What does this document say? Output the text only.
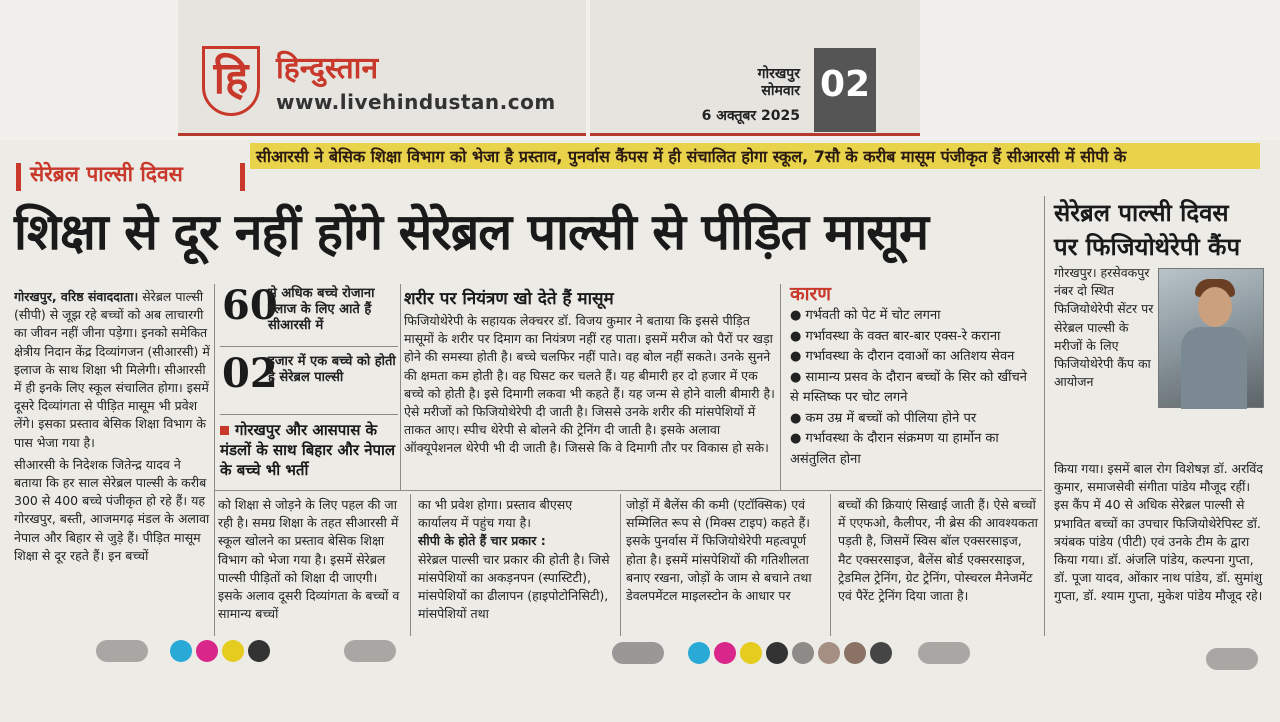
हि हिन्दुस्तान
www.livehindustan.com
गोरखपुर
सोमवार
6 अक्तूबर 2025
02
सेरेब्रल पाल्सी दिवस
सीआरसी ने बेसिक शिक्षा विभाग को भेजा है प्रस्ताव, पुनर्वास कैंपस में ही संचालित होगा स्कूल, 7सौ के करीब मासूम पंजीकृत हैं सीआरसी में सीपी के
शिक्षा से दूर नहीं होंगे सेरेब्रल पाल्सी से पीड़ित मासूम	सेरेब्रल पाल्सी दिवस
पर फिजियोथेरेपी कैंप
गोरखपुर, वरिष्ठ संवाददाता। सेरेब्रल पाल्सी (सीपी) से जूझ रहे बच्चों को अब लाचारगी का जीवन नहीं जीना पड़ेगा। इनको समेकित क्षेत्रीय निदान केंद्र दिव्यांगजन (सीआरसी) में इलाज के साथ शिक्षा भी मिलेगी। सीआरसी में ही इनके लिए स्कूल संचालित होगा। इसमें दूसरे दिव्यांगता से पीड़ित मासूम भी प्रवेश लेंगे। इसका प्रस्ताव बेसिक शिक्षा विभाग के पास भेजा गया है।
सीआरसी के निदेशक जितेन्द्र यादव ने बताया कि हर साल सेरेब्रल पाल्सी के करीब 300 से 400 बच्चे पंजीकृत हो रहे हैं। यह गोरखपुर, बस्ती, आजमगढ़ मंडल के अलावा नेपाल और बिहार से जुड़े हैं। पीड़ित मासूम शिक्षा से दूर रहते हैं। इन बच्चों
60
से अधिक बच्चे रोजाना इलाज के लिए आते हैं सीआरसी में
02
हजार में एक बच्चे को होती है सेरेब्रल पाल्सी
गोरखपुर और आसपास के मंडलों के साथ बिहार और नेपाल के बच्चे भी भर्ती
शरीर पर नियंत्रण खो देते हैं मासूम
फिजियोथेरेपी के सहायक लेक्चरर डॉ. विजय कुमार ने बताया कि इससे पीड़ित मासूमों के शरीर पर दिमाग का नियंत्रण नहीं रह पाता। इसमें मरीज को पैरों पर खड़ा होने की समस्या होती है। बच्चे चलफिर नहीं पाते। वह बोल नहीं सकते। उनके सुनने की क्षमता कम होती है। वह घिसट कर चलते हैं। यह बीमारी हर दो हजार में एक बच्चे को होती है। इसे दिमागी लकवा भी कहते हैं। यह जन्म से होने वाली बीमारी है। ऐसे मरीजों को फिजियोथेरेपी दी जाती है। जिससे उनके शरीर की मांसपेशियों में ताकत आए। स्पीच थेरेपी से बोलने की ट्रेनिंग दी जाती है। इसके अलावा ऑक्यूपेशनल थेरेपी भी दी जाती है। जिससे कि वे दिमागी तौर पर विकास हो सके।
कारण
● गर्भवती को पेट में चोट लगना
● गर्भावस्था के वक्त बार-बार एक्स-रे कराना
● गर्भावस्था के दौरान दवाओं का अतिशय सेवन
● सामान्य प्रसव के दौरान बच्चों के सिर को खींचने से मस्तिष्क पर चोट लगने
● कम उम्र में बच्चों को पीलिया होने पर
● गर्भावस्था के दौरान संक्रमण या हार्मोन का असंतुलित होना
को शिक्षा से जोड़ने के लिए पहल की जा रही है। समग्र शिक्षा के तहत सीआरसी में स्कूल खोलने का प्रस्ताव बेसिक शिक्षा विभाग को भेजा गया है। इसमें सेरेब्रल पाल्सी पीड़ितों को शिक्षा दी जाएगी। इसके अलाव दूसरी दिव्यांगता के बच्चों व सामान्य बच्चों
का भी प्रवेश होगा। प्रस्ताव बीएसए कार्यालय में पहुंच गया है।
सीपी के होते हैं चार प्रकार :
सेरेब्रल पाल्सी चार प्रकार की होती है। जिसे मांसपेशियों का अकड़नपन (स्पास्टिटी), मांसपेशियों का ढीलापन (हाइपोटोनिसिटी), मांसपेशियों तथा
जोड़ों में बैलेंस की कमी (एटॉक्सिक) एवं सम्मिलित रूप से (मिक्स टाइप) कहते हैं। इसके पुनर्वास में फिजियोथेरेपी महत्वपूर्ण होता है। इसमें मांसपेशियों की गतिशीलता बनाए रखना, जोड़ों के जाम से बचाने तथा डेवलपमेंटल माइलस्टोन के आधार पर
बच्चों की क्रियाएं सिखाई जाती हैं। ऐसे बच्चों में एएफओ, कैलीपर, नी ब्रेस की आवश्यकता पड़ती है, जिसमें स्विस बॉल एक्सरसाइज, मैट एक्सरसाइज, बैलेंस बोर्ड एक्सरसाइज, ट्रेडमिल ट्रेनिंग, ग्रेट ट्रेनिंग, पोस्चरल मैनेजमेंट एवं पैरेंट ट्रेनिंग दिया जाता है।
गोरखपुर। हरसेवकपुर नंबर दो स्थित फिजियोथेरेपी सेंटर पर सेरेब्रल पाल्सी के मरीजों के लिए फिजियोथेरेपी कैंप का आयोजन
किया गया। इसमें बाल रोग विशेषज्ञ डॉ. अरविंद कुमार, समाजसेवी संगीता पांडेय मौजूद रहीं। इस कैंप में 40 से अधिक सेरेब्रल पाल्सी से प्रभावित बच्चों का उपचार फिजियोथेरेपिस्ट डॉ. त्रयंबक पांडेय (पीटी) एवं उनके टीम के द्वारा किया गया। डॉ. अंजलि पांडेय, कल्पना गुप्ता, डॉ. पूजा यादव, ओंकार नाथ पांडेय, डॉ. सुमांशु गुप्ता, डॉ. श्याम गुप्ता, मुकेश पांडेय मौजूद रहे।
